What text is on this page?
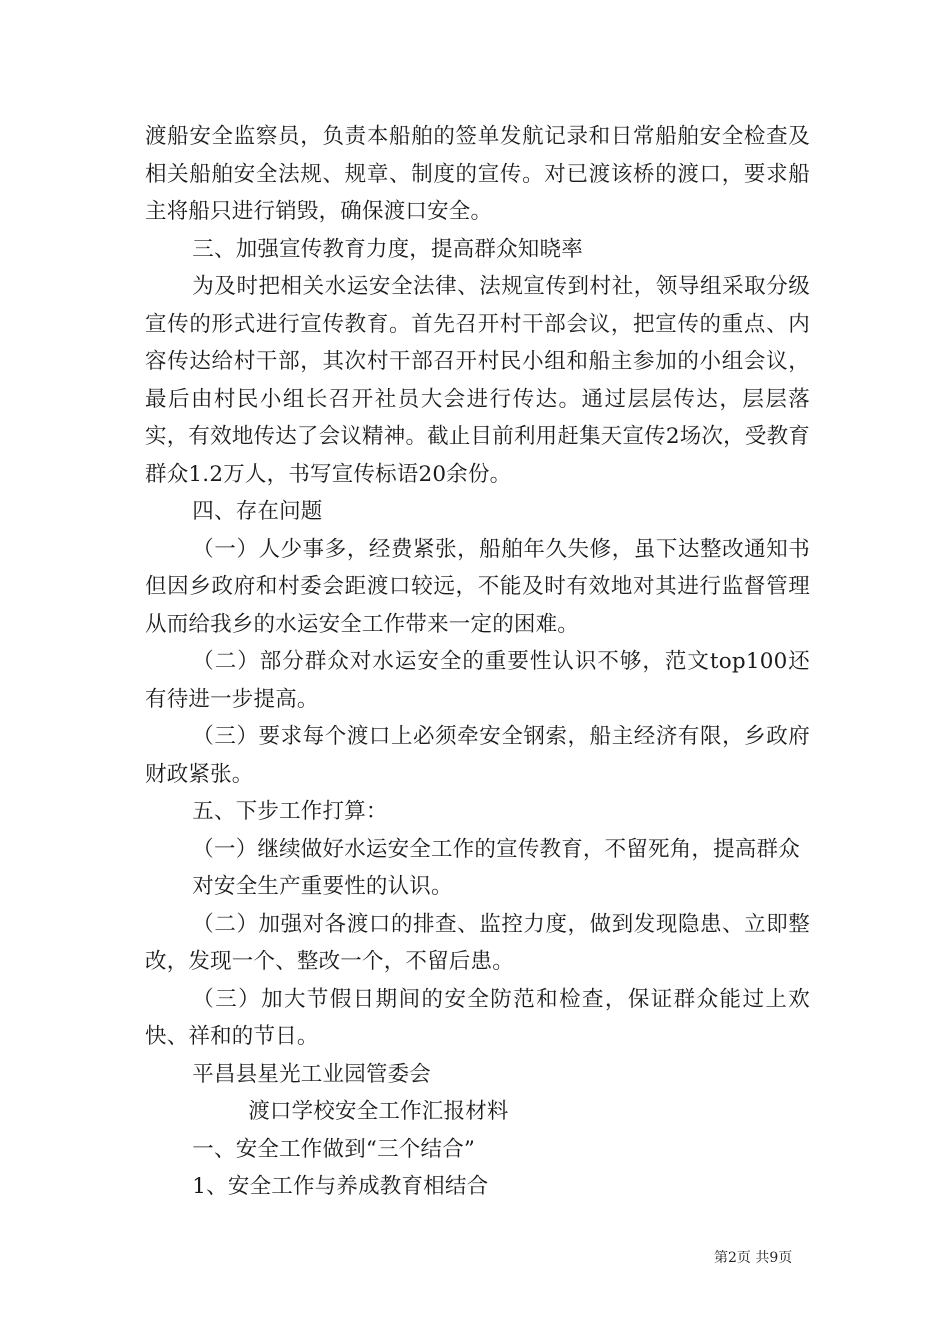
渡船安全监察员，负责本船舶的签单发航记录和日常船舶安全检查及相关船舶安全法规、规章、制度的宣传。对已渡该桥的渡口，要求船主将船只进行销毁，确保渡口安全。

三、加强宣传教育力度，提高群众知晓率

为及时把相关水运安全法律、法规宣传到村社，领导组采取分级宣传的形式进行宣传教育。首先召开村干部会议，把宣传的重点、内容传达给村干部，其次村干部召开村民小组和船主参加的小组会议，最后由村民小组长召开社员大会进行传达。通过层层传达，层层落实，有效地传达了会议精神。截止目前利用赶集天宣传2场次，受教育群众1.2万人，书写宣传标语20余份。

四、存在问题

（一）人少事多，经费紧张，船舶年久失修，虽下达整改通知书但因乡政府和村委会距渡口较远，不能及时有效地对其进行监督管理从而给我乡的水运安全工作带来一定的困难。

（二）部分群众对水运安全的重要性认识不够，范文top100还有待进一步提高。

（三）要求每个渡口上必须牵安全钢索，船主经济有限，乡政府财政紧张。

五、下步工作打算：

（一）继续做好水运安全工作的宣传教育，不留死角，提高群众

对安全生产重要性的认识。

（二）加强对各渡口的排查、监控力度，做到发现隐患、立即整改，发现一个、整改一个，不留后患。

（三）加大节假日期间的安全防范和检查，保证群众能过上欢快、祥和的节日。

平昌县星光工业园管委会

渡口学校安全工作汇报材料

一、安全工作做到“三个结合”

1、安全工作与养成教育相结合

第2页 共9页
